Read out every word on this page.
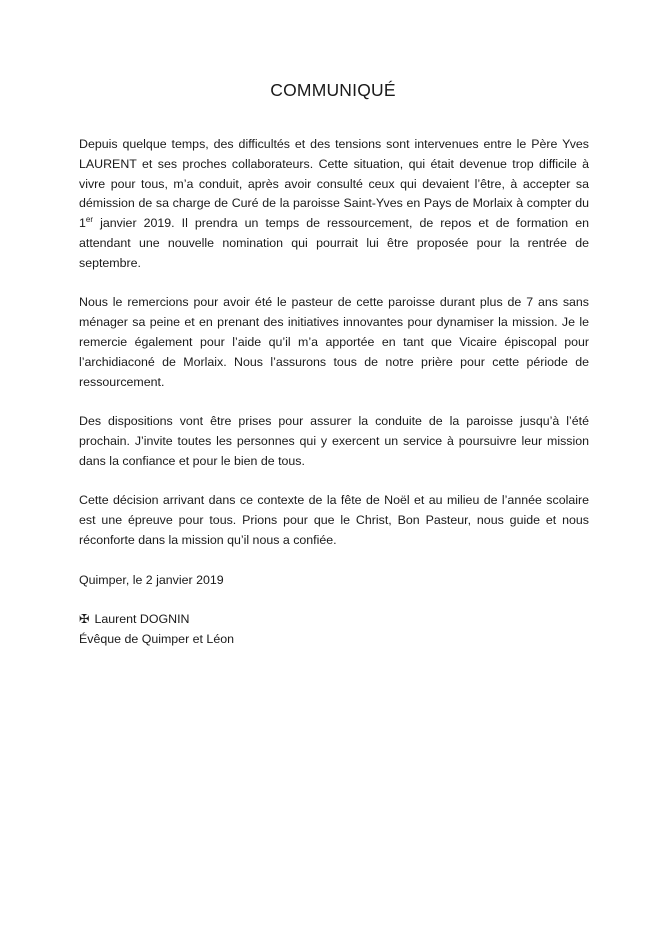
COMMUNIQUÉ

Depuis quelque temps, des difficultés et des tensions sont intervenues entre le Père Yves LAURENT et ses proches collaborateurs. Cette situation, qui était devenue trop difficile à vivre pour tous, m’a conduit, après avoir consulté ceux qui devaient l’être, à accepter sa démission de sa charge de Curé de la paroisse Saint-Yves en Pays de Morlaix à compter du 1er janvier 2019. Il prendra un temps de ressourcement, de repos et de formation en attendant une nouvelle nomination qui pourrait lui être proposée pour la rentrée de septembre.

Nous le remercions pour avoir été le pasteur de cette paroisse durant plus de 7 ans sans ménager sa peine et en prenant des initiatives innovantes pour dynamiser la mission. Je le remercie également pour l’aide qu’il m’a apportée en tant que Vicaire épiscopal pour l’archidiaconé de Morlaix. Nous l’assurons tous de notre prière pour cette période de ressourcement.

Des dispositions vont être prises pour assurer la conduite de la paroisse jusqu’à l’été prochain. J’invite toutes les personnes qui y exercent un service à poursuivre leur mission dans la confiance et pour le bien de tous.

Cette décision arrivant dans ce contexte de la fête de Noël et au milieu de l’année scolaire est une épreuve pour tous. Prions pour que le Christ, Bon Pasteur, nous guide et nous réconforte dans la mission qu’il nous a confiée.

Quimper, le 2 janvier 2019

✠ Laurent DOGNIN

Évêque de Quimper et Léon
